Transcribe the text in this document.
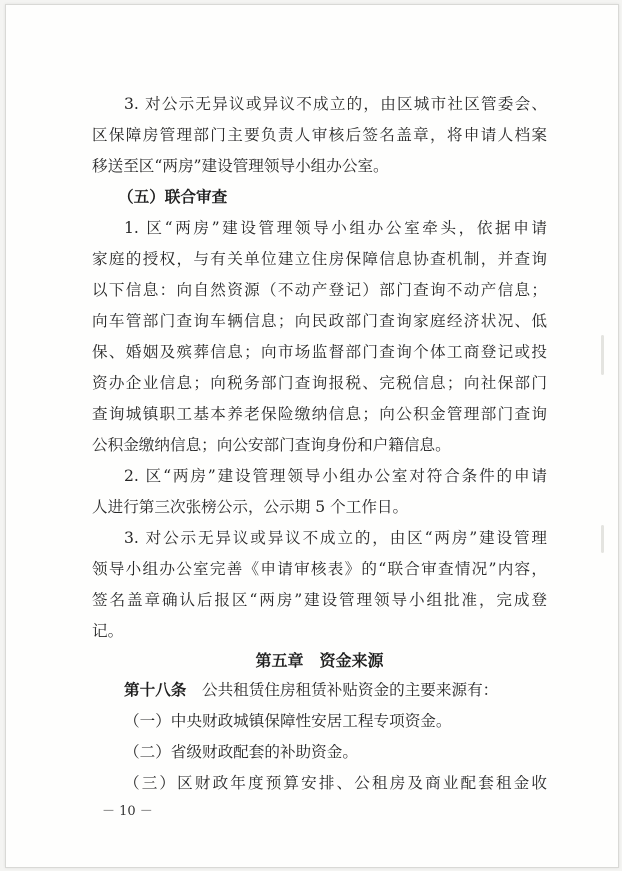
3. 对公示无异议或异议不成立的，由区城市社区管委会、
区保障房管理部门主要负责人审核后签名盖章，将申请人档案
移送至区“两房”建设管理领导小组办公室。
（五）联合审查
1. 区“两房”建设管理领导小组办公室牵头，依据申请
家庭的授权，与有关单位建立住房保障信息协查机制，并查询
以下信息：向自然资源（不动产登记）部门查询不动产信息；
向车管部门查询车辆信息；向民政部门查询家庭经济状况、低
保、婚姻及殡葬信息；向市场监督部门查询个体工商登记或投
资办企业信息；向税务部门查询报税、完税信息；向社保部门
查询城镇职工基本养老保险缴纳信息；向公积金管理部门查询
公积金缴纳信息；向公安部门查询身份和户籍信息。
2. 区“两房”建设管理领导小组办公室对符合条件的申请
人进行第三次张榜公示，公示期 5 个工作日。
3. 对公示无异议或异议不成立的，由区“两房”建设管理
领导小组办公室完善《申请审核表》的“联合审查情况”内容，
签名盖章确认后报区“两房”建设管理领导小组批准，完成登
记。
第五章　资金来源
第十八条　公共租赁住房租赁补贴资金的主要来源有：
（一）中央财政城镇保障性安居工程专项资金。
（二）省级财政配套的补助资金。
（三）区财政年度预算安排、公租房及商业配套租金收
－ 10 －
